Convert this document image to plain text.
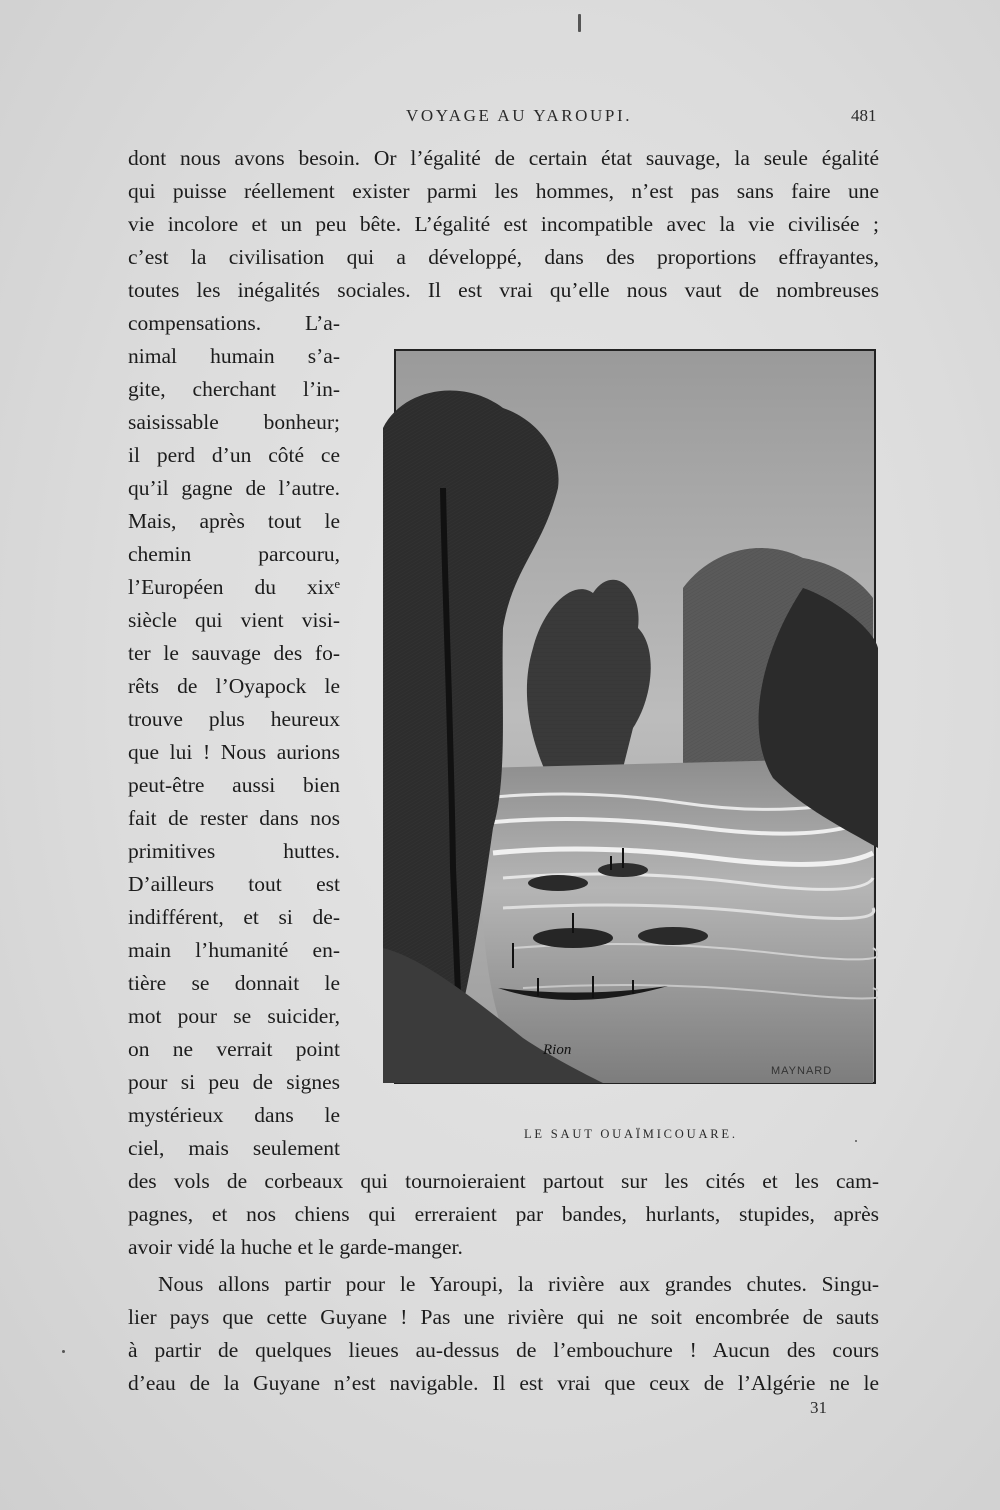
VOYAGE AU YAROUPI.	481
dont nous avons besoin. Or l’égalité de certain état sauvage, la seule égalité
qui puisse réellement exister parmi les hommes, n’est pas sans faire une
vie incolore et un peu bête. L’égalité est incompatible avec la vie civilisée ;
c’est la civilisation qui a développé, dans des proportions effrayantes,
toutes les inégalités sociales. Il est vrai qu’elle nous vaut de nombreuses
compensations. L’a-
nimal humain s’a-
gite, cherchant l’in-
saisissable bonheur;
il perd d’un côté ce
qu’il gagne de l’autre.
Mais, après tout le
chemin parcouru,
l’Européen du xixᵉ
siècle qui vient visi-
ter le sauvage des fo-
rêts de l’Oyapock le
trouve plus heureux
que lui ! Nous aurions
peut-être aussi bien
fait de rester dans nos
primitives huttes.
D’ailleurs tout est
indifférent, et si de-
main l’humanité en-
tière se donnait le
mot pour se suicider,
on ne verrait point
pour si peu de signes
mystérieux dans le
ciel, mais seulement
des vols de corbeaux qui tournoieraient partout sur les cités et les cam-
pagnes, et nos chiens qui erreraient par bandes, hurlants, stupides, après
avoir vidé la huche et le garde-manger.
Nous allons partir pour le Yaroupi, la rivière aux grandes chutes. Singu-
lier pays que cette Guyane ! Pas une rivière qui ne soit encombrée de sauts
à partir de quelques lieues au-dessus de l’embouchure ! Aucun des cours
d’eau de la Guyane n’est navigable. Il est vrai que ceux de l’Algérie ne le
31
Rion
MAYNARD
LE SAUT OUAÏMICOUARE.
